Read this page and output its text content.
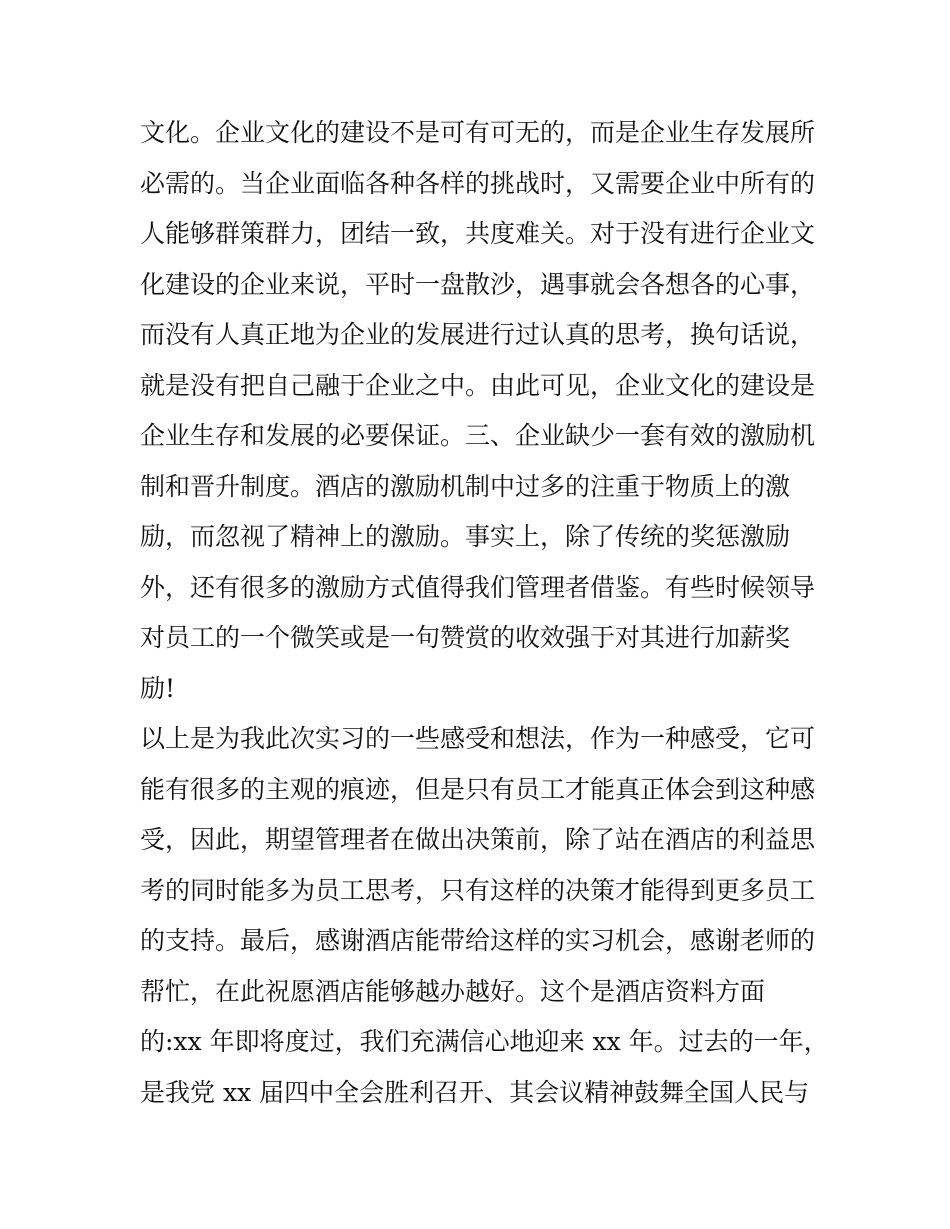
文化。企业文化的建设不是可有可无的，而是企业生存发展所
必需的。当企业面临各种各样的挑战时，又需要企业中所有的
人能够群策群力，团结一致，共度难关。对于没有进行企业文
化建设的企业来说，平时一盘散沙，遇事就会各想各的心事，
而没有人真正地为企业的发展进行过认真的思考，换句话说，
就是没有把自己融于企业之中。由此可见，企业文化的建设是
企业生存和发展的必要保证。三、企业缺少一套有效的激励机
制和晋升制度。酒店的激励机制中过多的注重于物质上的激
励，而忽视了精神上的激励。事实上，除了传统的奖惩激励
外，还有很多的激励方式值得我们管理者借鉴。有些时候领导
对员工的一个微笑或是一句赞赏的收效强于对其进行加薪奖
励!
以上是为我此次实习的一些感受和想法，作为一种感受，它可
能有很多的主观的痕迹，但是只有员工才能真正体会到这种感
受，因此，期望管理者在做出决策前，除了站在酒店的利益思
考的同时能多为员工思考，只有这样的决策才能得到更多员工
的支持。最后，感谢酒店能带给这样的实习机会，感谢老师的
帮忙，在此祝愿酒店能够越办越好。这个是酒店资料方面
的:xx 年即将度过，我们充满信心地迎来 xx 年。过去的一年，
是我党 xx 届四中全会胜利召开、其会议精神鼓舞全国人民与
